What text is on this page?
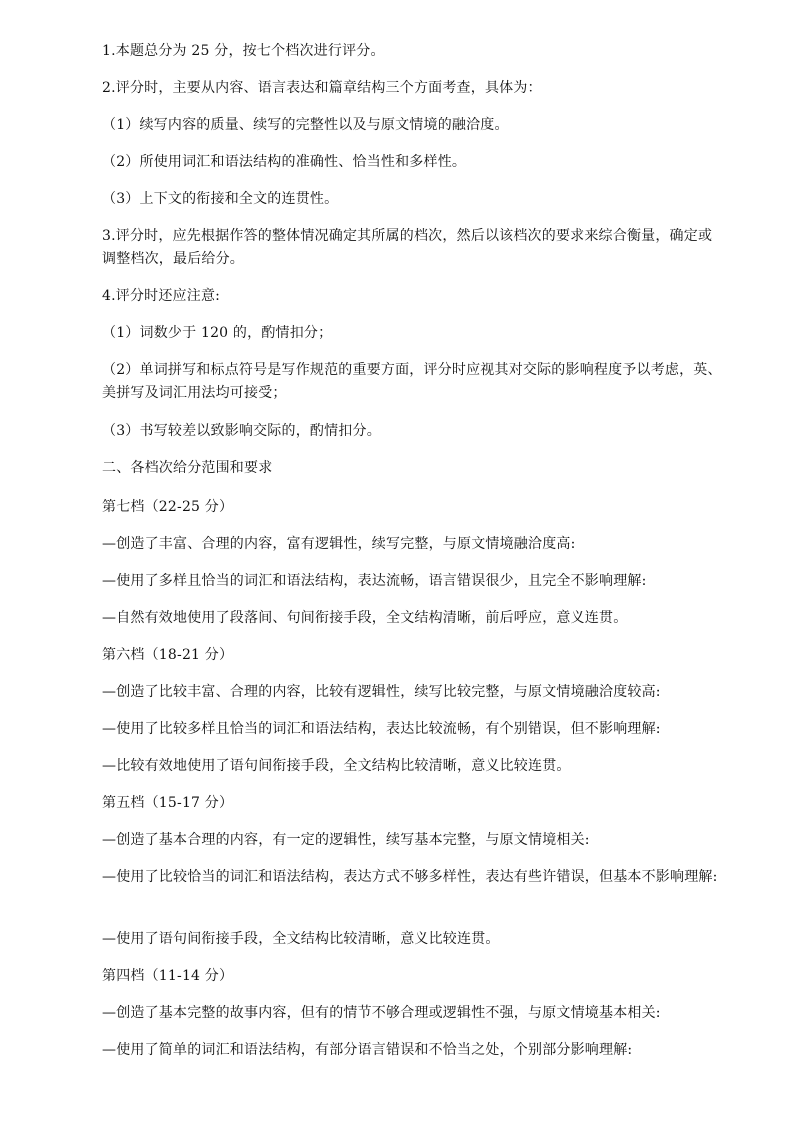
1.本题总分为 25 分，按七个档次进行评分。

2.评分时，主要从内容、语言表达和篇章结构三个方面考查，具体为：

（1）续写内容的质量、续写的完整性以及与原文情境的融洽度。

（2）所使用词汇和语法结构的准确性、恰当性和多样性。

（3）上下文的衔接和全文的连贯性。

3.评分时，应先根据作答的整体情况确定其所属的档次，然后以该档次的要求来综合衡量，确定或调整档次，最后给分。

4.评分时还应注意:

（1）词数少于 120 的，酌情扣分；

（2）单词拼写和标点符号是写作规范的重要方面，评分时应视其对交际的影响程度予以考虑，英、美拼写及词汇用法均可接受；

（3）书写较差以致影响交际的，酌情扣分。

二、各档次给分范围和要求

第七档（22-25 分）

—创造了丰富、合理的内容，富有逻辑性，续写完整，与原文情境融洽度高:

—使用了多样且恰当的词汇和语法结构，表达流畅，语言错误很少，且完全不影响理解:

—自然有效地使用了段落间、句间衔接手段，全文结构清晰，前后呼应，意义连贯。

第六档（18-21 分）

—创造了比较丰富、合理的内容，比较有逻辑性，续写比较完整，与原文情境融洽度较高:

—使用了比较多样且恰当的词汇和语法结构，表达比较流畅，有个别错误，但不影响理解:

—比较有效地使用了语句间衔接手段，全文结构比较清晰，意义比较连贯。

第五档（15-17 分）

—创造了基本合理的内容，有一定的逻辑性，续写基本完整，与原文情境相关:

—使用了比较恰当的词汇和语法结构，表达方式不够多样性，表达有些许错误，但基本不影响理解:

—使用了语句间衔接手段，全文结构比较清晰，意义比较连贯。

第四档（11-14 分）

—创造了基本完整的故事内容，但有的情节不够合理或逻辑性不强，与原文情境基本相关:

—使用了简单的词汇和语法结构，有部分语言错误和不恰当之处，个别部分影响理解:
